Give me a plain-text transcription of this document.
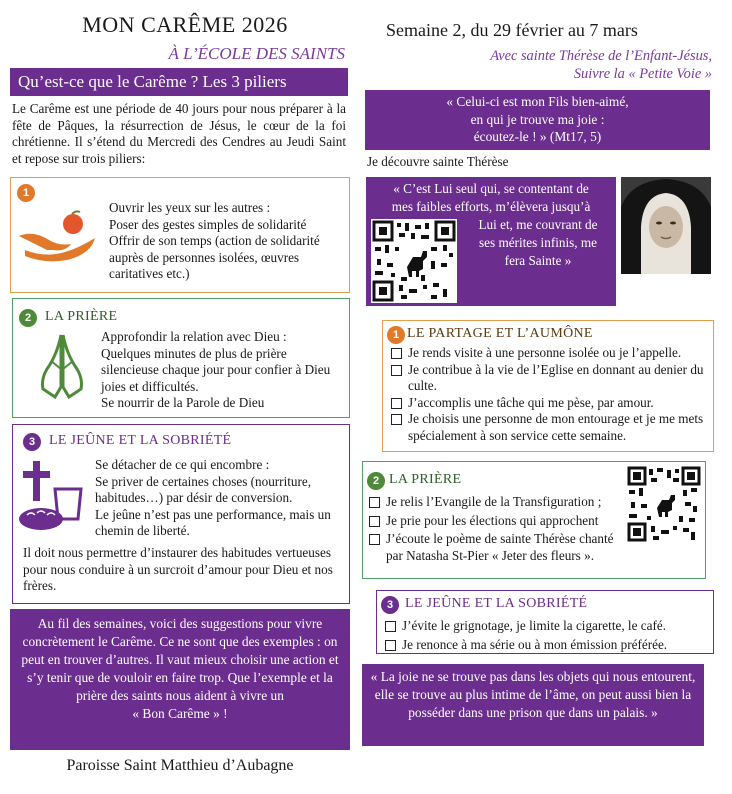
MON CARÊME 2026
À L’ÉCOLE DES SAINTS
Qu’est-ce que le Carême ? Les 3 piliers
Le Carême est une période de 40 jours pour nous préparer à la fête de Pâques, la résurrection de Jésus, le cœur de la foi chrétienne. Il s’étend du Mercredi des Cendres au Jeudi Saint et repose sur trois piliers:
1
Ouvrir les yeux sur les autres :
Poser des gestes simples de solidarité
Offrir de son temps (action de solidarité auprès de personnes isolées, œuvres caritatives etc.)
2 LA PRIÈRE
Approfondir la relation avec Dieu :
Quelques minutes de plus de prière silencieuse chaque jour pour confier à Dieu joies et difficultés.
Se nourrir de la Parole de Dieu
3 LE JEÛNE ET LA SOBRIÉTÉ
Se détacher de ce qui encombre :
Se priver de certaines choses (nourriture, habitudes…) par désir de conversion.
Le jeûne n’est pas une performance, mais un chemin de liberté.
Il doit nous permettre d’instaurer des habitudes vertueuses pour nous conduire à un surcroit d’amour pour Dieu et nos frères.
Au fil des semaines, voici des suggestions pour vivre concrètement le Carême. Ce ne sont que des exemples : on peut en trouver d’autres. Il vaut mieux choisir une action et s’y tenir que de vouloir en faire trop. Que l’exemple et la prière des saints nous aident à vivre un
« Bon Carême » !
Paroisse Saint Matthieu d’Aubagne
Semaine 2, du 29 février au 7 mars
Avec sainte Thérèse de l’Enfant-Jésus,
Suivre la « Petite Voie »
« Celui-ci est mon Fils bien-aimé,
en qui je trouve ma joie :
écoutez-le ! » (Mt17, 5)
Je découvre sainte Thérèse
« C’est Lui seul qui, se contentant de
mes faibles efforts, m’élèvera jusqu’à
Lui et, me couvrant de
ses mérites infinis, me
fera Sainte »
1 LE PARTAGE ET L’AUMÔNE
Je rends visite à une personne isolée ou je l’appelle.
Je contribue à la vie de l’Eglise en donnant au denier du culte.
J’accomplis une tâche qui me pèse, par amour.
Je choisis une personne de mon entourage et je me mets spécialement à son service cette semaine.
2 LA PRIÈRE
Je relis l’Evangile de la Transfiguration ;
Je prie pour les élections qui approchent
J’écoute le poème de sainte Thérèse chanté par Natasha St-Pier « Jeter des fleurs ».
3 LE JEÛNE ET LA SOBRIÉTÉ
J’évite le grignotage, je limite la cigarette, le café.
Je renonce à ma série ou à mon émission préférée.
« La joie ne se trouve pas dans les objets qui nous entourent, elle se trouve au plus intime de l’âme, on peut aussi bien la posséder dans une prison que dans un palais. »
